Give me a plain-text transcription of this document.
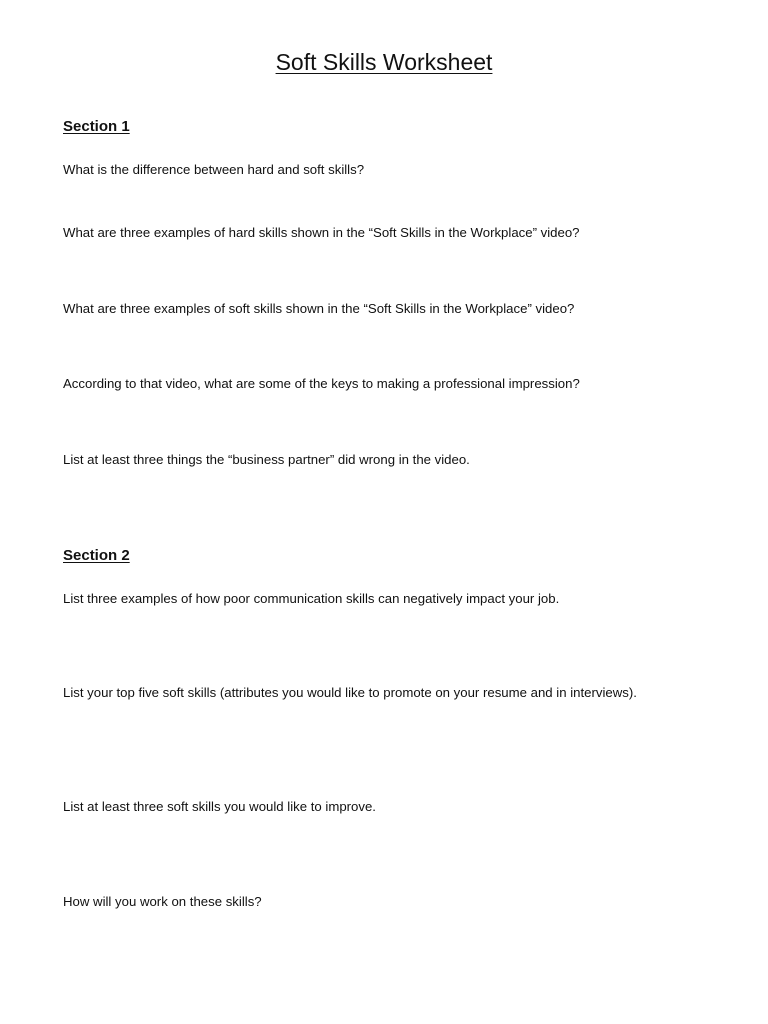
Soft Skills Worksheet
Section 1

What is the difference between hard and soft skills?

What are three examples of hard skills shown in the “Soft Skills in the Workplace” video?

What are three examples of soft skills shown in the “Soft Skills in the Workplace” video?

According to that video, what are some of the keys to making a professional impression?

List at least three things the “business partner” did wrong in the video.

Section 2

List three examples of how poor communication skills can negatively impact your job.

List your top five soft skills (attributes you would like to promote on your resume and in interviews).

List at least three soft skills you would like to improve.

How will you work on these skills?
